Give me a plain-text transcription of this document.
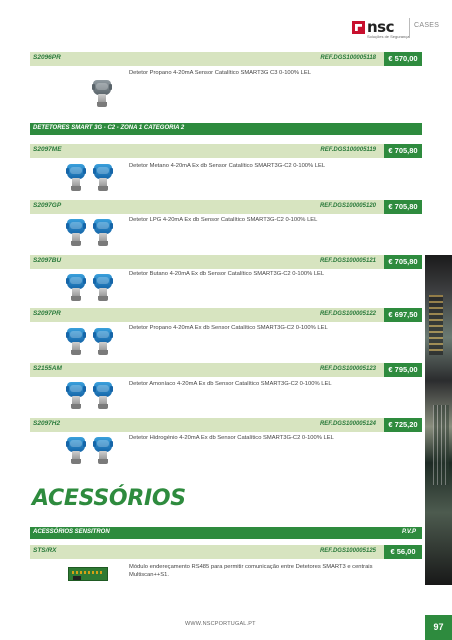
nsc
Soluções de Segurança
CASES
S2096PR	REF.DGS100005118	€ 570,00
Detetor Propano 4-20mA Sensor Catalítico SMART3G C3 0-100% LEL
DETETORES SMART 3G - C2 - ZONA 1 CATEGORIA 2
S2097ME	REF.DGS100005119	€ 705,80
Detetor Metano 4-20mA Ex db Sensor Catalítico SMART3G-C2 0-100% LEL
S2097GP	REF.DGS100005120	€ 705,80
Detetor LPG 4-20mA Ex db Sensor Catalítico SMART3G-C2 0-100% LEL
S2097BU	REF.DGS100005121	€ 705,80
Detetor Butano 4-20mA Ex db Sensor Catalítico SMART3G-C2 0-100% LEL
S2097PR	REF.DGS100005122	€ 697,50
Detetor Propano 4-20mA Ex db Sensor Catalítico SMART3G-C2 0-100% LEL
S2155AM	REF.DGS100005123	€ 795,00
Detetor Amoníaco 4-20mA Ex db Sensor Catalítico SMART3G-C2 0-100% LEL
S2097H2	REF.DGS100005124	€ 725,20
Detetor Hidrogénio 4-20mA Ex db Sensor Catalítico SMART3G-C2 0-100% LEL
ACESSÓRIOS
ACESSÓRIOS SENSITRON	P.V.P
STS/RX	REF.DGS100005125	€ 56,00
Módulo endereçamento RS485 para permitir comunicação entre Detetores SMART3 e centrais Multiscan++S1.
WWW.NSCPORTUGAL.PT	97
